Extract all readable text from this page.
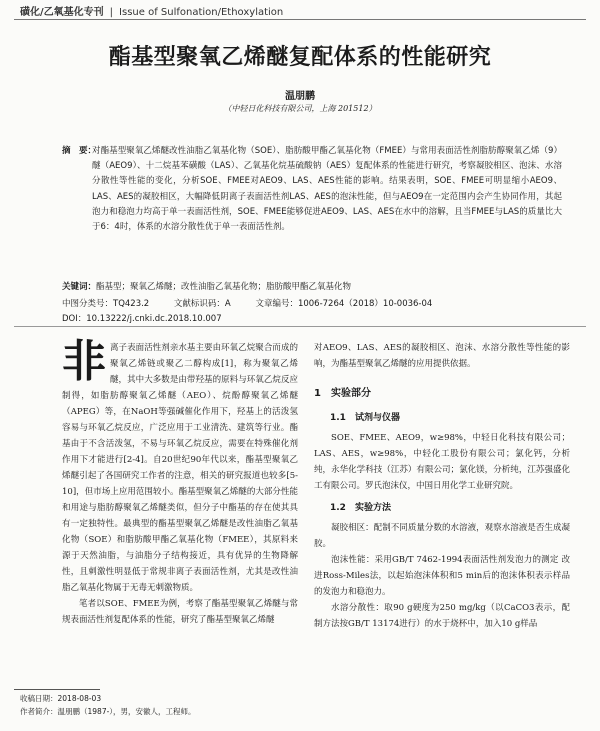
磺化/乙氧基化专刊 | Issue of Sulfonation/Ethoxylation
酯基型聚氧乙烯醚复配体系的性能研究
温朋鹏
（中轻日化科技有限公司，上海 201512）
摘　要：
对酯基型聚氧乙烯醚改性油脂乙氧基化物（SOE）、脂肪酸甲酯乙氧基化物（FMEE）与常用表面活性剂脂肪醇聚氧乙烯（9）醚（AEO9）、十二烷基苯磺酸（LAS）、乙氧基化烷基硫酸钠（AES）复配体系的性能进行研究，考察凝胶相区、泡沫、水溶分散性等性能的变化，分析SOE、FMEE对AEO9、LAS、AES性能的影响。结果表明，SOE、FMEE可明显缩小AEO9、LAS、AES的凝胶相区，大幅降低阴离子表面活性剂LAS、AES的泡沫性能，但与AEO9在一定范围内会产生协同作用，其起泡力和稳泡力均高于单一表面活性剂，SOE、FMEE能够促进AEO9、LAS、AES在水中的溶解，且当FMEE与LAS的质量比大于6：4时，体系的水溶分散性优于单一表面活性剂。
关键词：酯基型；聚氧乙烯醚；改性油脂乙氧基化物；脂肪酸甲酯乙氧基化物
中图分类号：TQ423.2	文献标识码：A	文章编号：1006-7264（2018）10-0036-04
DOI：10.13222/j.cnki.dc.2018.10.007
非 离子表面活性剂亲水基主要由环氧乙烷聚合而成的聚氧乙烯链或聚乙二醇构成[1]，称为聚氧乙烯醚，其中大多数是由带羟基的原料与环氧乙烷反应制得，如脂肪醇聚氧乙烯醚（AEO）、烷酚醇聚氧乙烯醚（APEG）等，在NaOH等强碱催化作用下，羟基上的活泼氢容易与环氧乙烷反应，广泛应用于工业清洗、建筑等行业。酯基由于不含活泼氢，不易与环氧乙烷反应，需要在特殊催化剂作用下才能进行[2-4]。自20世纪90年代以来，酯基型聚氧乙烯醚引起了各国研究工作者的注意，相关的研究报道也较多[5-10]，但市场上应用范围较小。酯基型聚氧乙烯醚的大部分性能和用途与脂肪醇聚氧乙烯醚类似，但分子中酯基的存在使其具有一定独特性。最典型的酯基型聚氧乙烯醚是改性油脂乙氧基化物（SOE）和脂肪酸甲酯乙氧基化物（FMEE），其原料来源于天然油脂，与油脂分子结构接近，具有优异的生物降解性，且刺激性明显低于常规非离子表面活性剂，尤其是改性油脂乙氧基化物属于无毒无刺激物质。

笔者以SOE、FMEE为例，考察了酯基型聚氧乙烯醚与常规表面活性剂复配体系的性能，研究了酯基型聚氧乙烯醚

对AEO9、LAS、AES的凝胶相区、泡沫、水溶分散性等性能的影响，为酯基型聚氧乙烯醚的应用提供依据。

1　实验部分
1.1　试剂与仪器

SOE、FMEE、AEO9，w≥98%，中轻日化科技有限公司；LAS、AES，w≥98%，中轻化工股份有限公司；氯化钙，分析纯，永华化学科技（江苏）有限公司；氯化镁，分析纯，江苏强盛化工有限公司。罗氏泡沫仪，中国日用化学工业研究院。

1.2　实验方法

凝胶相区：配制不同质量分数的水溶液，观察水溶液是否生成凝胶。

泡沫性能：采用GB/T 7462-1994表面活性剂发泡力的测定 改进Ross-Miles法，以起始泡沫体积和5 min后的泡沫体积表示样品的发泡力和稳泡力。

水溶分散性：取90 g硬度为250 mg/kg（以CaCO3表示，配制方法按GB/T 13174进行）的水于烧杯中，加入10 g样品

收稿日期：2018-08-03
作者简介：温朋鹏（1987-），男，安徽人，工程师。
